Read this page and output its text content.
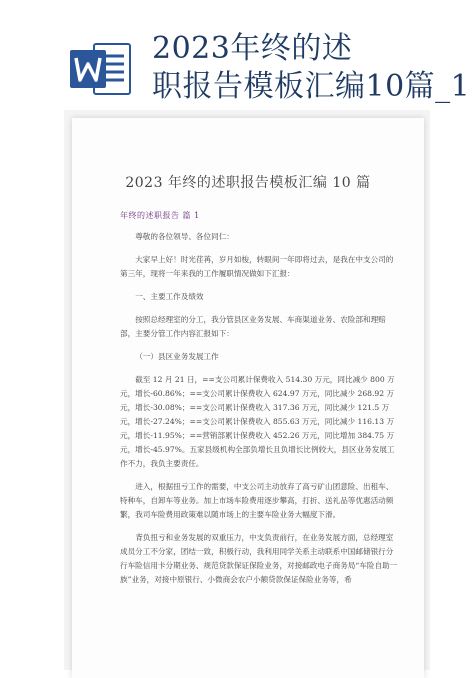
2023年终的述
职报告模板汇编10篇_1
2023 年终的述职报告模板汇编 10 篇
年终的述职报告 篇 1

尊敬的各位领导、各位同仁：

大家早上好！时光荏苒，岁月如梭，转眼间一年即将过去，是我在中支公司的第三年，现将一年来我的工作履职情况做如下汇报：

一、主要工作及绩效

按照总经理室的分工，我分管县区业务发展、车商渠道业务、农险部和理赔部，主要分管工作内容汇报如下：

（一）县区业务发展工作

截至 12 月 21 日，==支公司累计保费收入 514.30 万元，同比减少 800 万元，增长-60.86%；==支公司累计保费收入 624.97 万元，同比减少 268.92 万元，增长-30.08%；==支公司累计保费收入 317.36 万元，同比减少 121.5 万元，增长-27.24%；==支公司累计保费收入 855.63 万元，同比减少 116.13 万元，增长-11.95%；==营销部累计保费收入 452.26 万元，同比增加 384.75 万元，增长-45.97%。五家县级机构全部负增长且负增长比例较大，县区业务发展工作不力，我负主要责任。

进入，根据扭亏工作的需要，中支公司主动放弃了高亏矿山团意险、出租车、特种车，自卸车等业务。加上市场车险费用逐步攀高，打折、送礼品等优惠活动频繁，我司车险费用政策难以随市场上的主要车险业务大幅度下滑。

背负扭亏和业务发展的双重压力，中支负责前行，在业务发展方面，总经理室成员分工不分家，团结一致，积极行动，我利用同学关系主动联系中国邮储银行分行车险信用卡分期业务、规范贷款保证保险业务，对接邮政电子商务局“车险自助一族”业务，对接中原银行、小微商会农户小额贷款保证保险业务等，希
